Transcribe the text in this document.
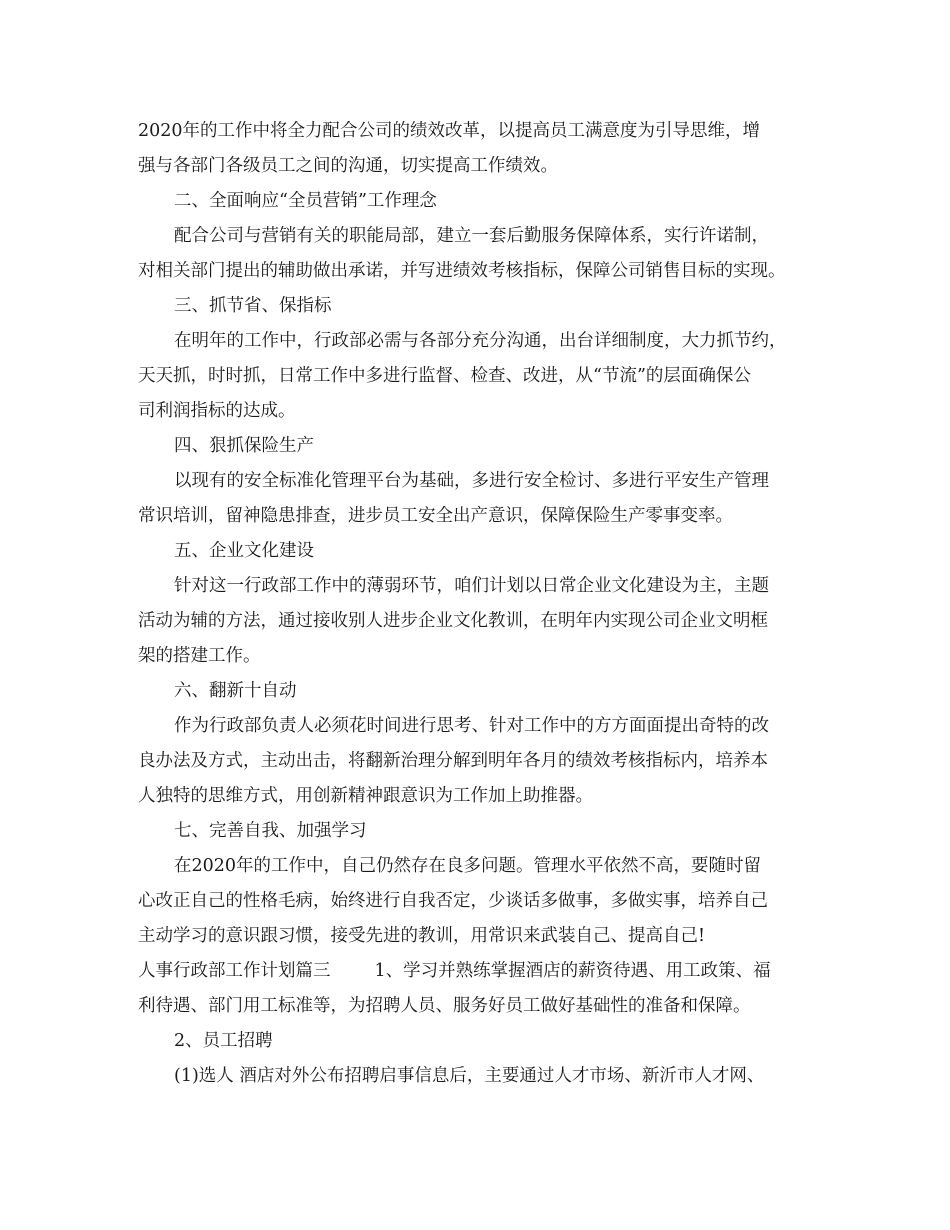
2020年的工作中将全力配合公司的绩效改革，以提高员工满意度为引导思维，增
强与各部门各级员工之间的沟通，切实提高工作绩效。
二、全面响应“全员营销”工作理念
配合公司与营销有关的职能局部，建立一套后勤服务保障体系，实行许诺制，
对相关部门提出的辅助做出承诺，并写进绩效考核指标，保障公司销售目标的实现。
三、抓节省、保指标
在明年的工作中，行政部必需与各部分充分沟通，出台详细制度，大力抓节约，
天天抓，时时抓，日常工作中多进行监督、检查、改进，从“节流”的层面确保公
司利润指标的达成。
四、狠抓保险生产
以现有的安全标准化管理平台为基础，多进行安全检讨、多进行平安生产管理
常识培训，留神隐患排查，进步员工安全出产意识，保障保险生产零事变率。
五、企业文化建设
针对这一行政部工作中的薄弱环节，咱们计划以日常企业文化建设为主，主题
活动为辅的方法，通过接收别人进步企业文化教训，在明年内实现公司企业文明框
架的搭建工作。
六、翻新十自动
作为行政部负责人必须花时间进行思考、针对工作中的方方面面提出奇特的改
良办法及方式，主动出击，将翻新治理分解到明年各月的绩效考核指标内，培养本
人独特的思维方式，用创新精神跟意识为工作加上助推器。
七、完善自我、加强学习
在2020年的工作中，自己仍然存在良多问题。管理水平依然不高，要随时留
心改正自己的性格毛病，始终进行自我否定，少谈话多做事，多做实事，培养自己
主动学习的意识跟习惯，接受先进的教训，用常识来武装自己、提高自己!
人事行政部工作计划篇三	1、学习并熟练掌握酒店的薪资待遇、用工政策、福
利待遇、部门用工标准等，为招聘人员、服务好员工做好基础性的准备和保障。
2、员工招聘
(1)选人 酒店对外公布招聘启事信息后，主要通过人才市场、新沂市人才网、
